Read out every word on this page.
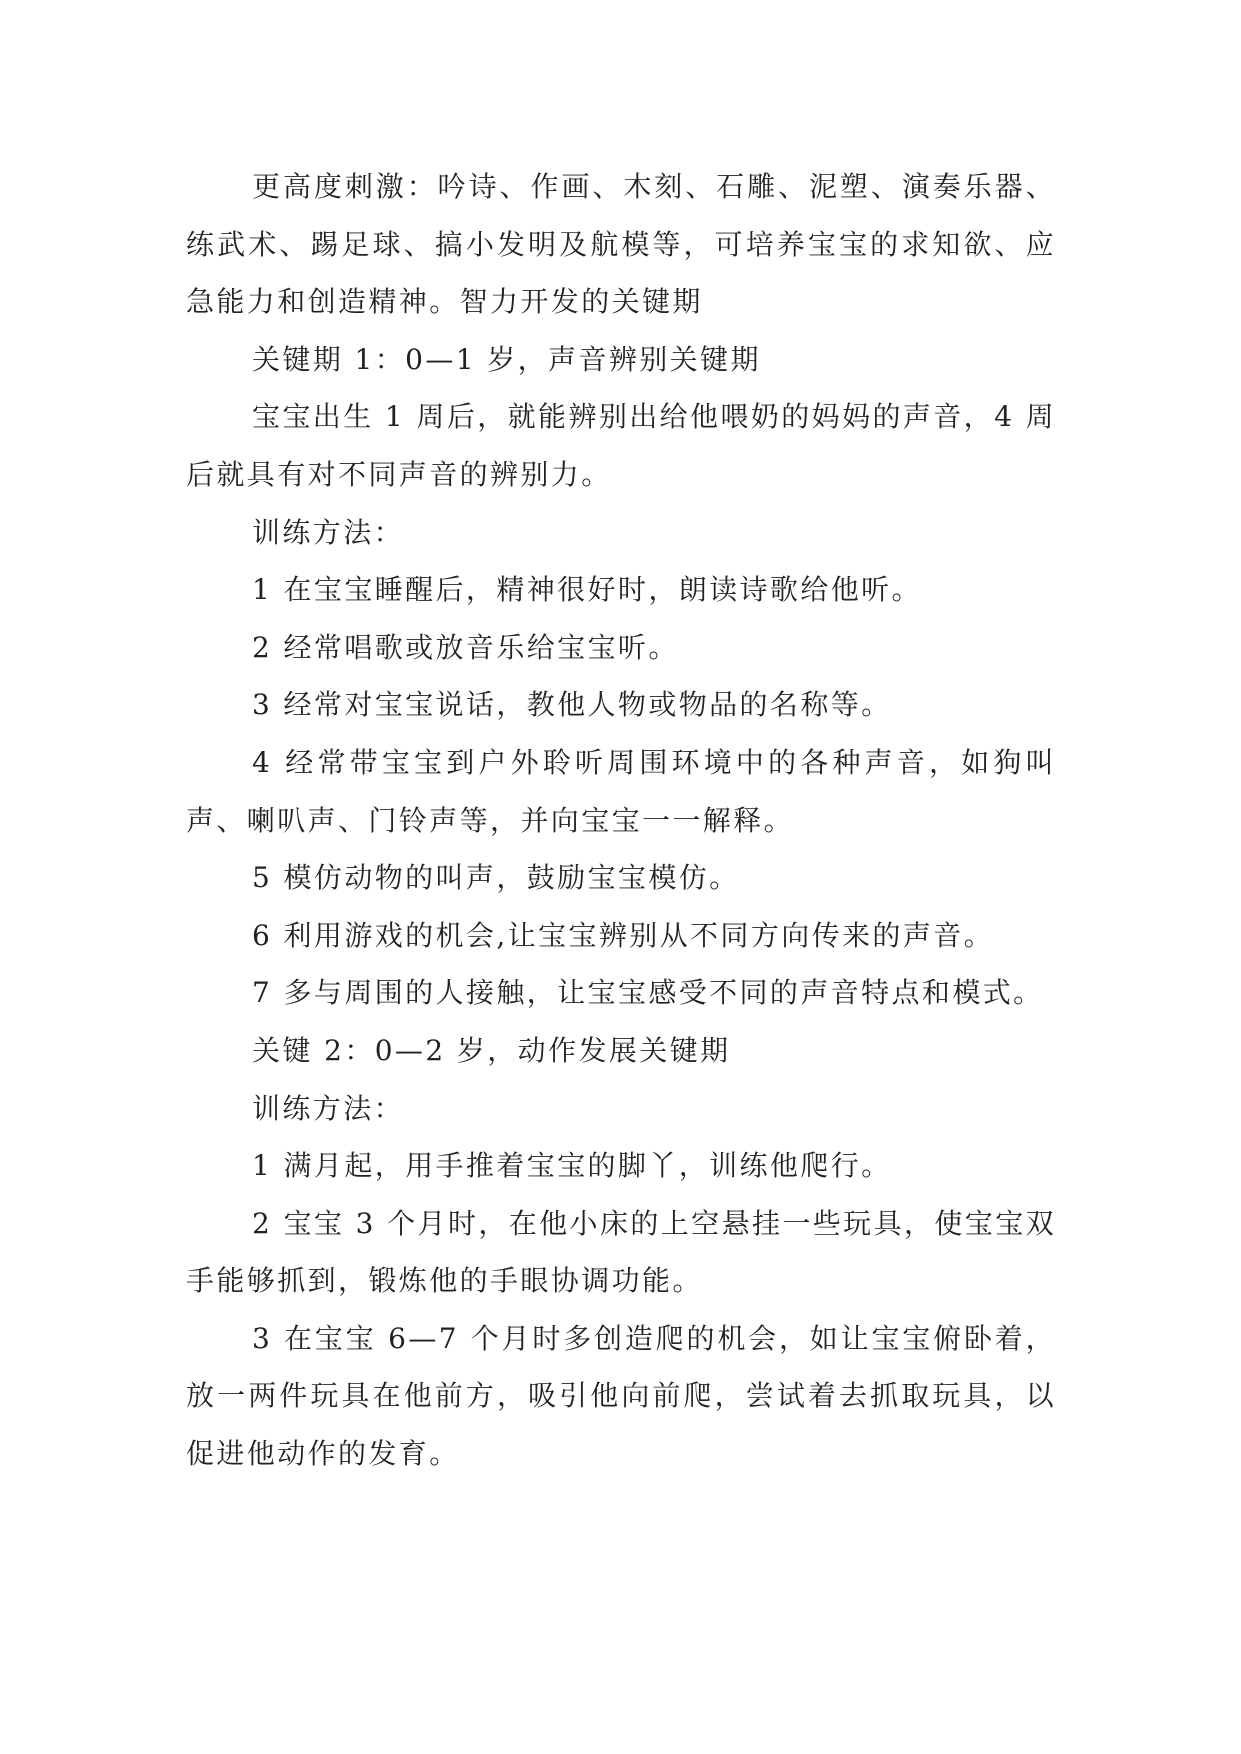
更高度刺激：吟诗、作画、木刻、石雕、泥塑、演奏乐器、练武术、踢足球、搞小发明及航模等，可培养宝宝的求知欲、应急能力和创造精神。智力开发的关键期

关键期 1：0—1 岁，声音辨别关键期

宝宝出生 1 周后，就能辨别出给他喂奶的妈妈的声音，4 周后就具有对不同声音的辨别力。

训练方法：

1 在宝宝睡醒后，精神很好时，朗读诗歌给他听。

2 经常唱歌或放音乐给宝宝听。

3 经常对宝宝说话，教他人物或物品的名称等。

4 经常带宝宝到户外聆听周围环境中的各种声音，如狗叫声、喇叭声、门铃声等，并向宝宝一一解释。

5 模仿动物的叫声，鼓励宝宝模仿。

6 利用游戏的机会,让宝宝辨别从不同方向传来的声音。

7 多与周围的人接触，让宝宝感受不同的声音特点和模式。

关键 2：0—2 岁，动作发展关键期

训练方法：

1 满月起，用手推着宝宝的脚丫，训练他爬行。

2 宝宝 3 个月时，在他小床的上空悬挂一些玩具，使宝宝双手能够抓到，锻炼他的手眼协调功能。

3 在宝宝 6—7 个月时多创造爬的机会，如让宝宝俯卧着，放一两件玩具在他前方，吸引他向前爬，尝试着去抓取玩具，以促进他动作的发育。
